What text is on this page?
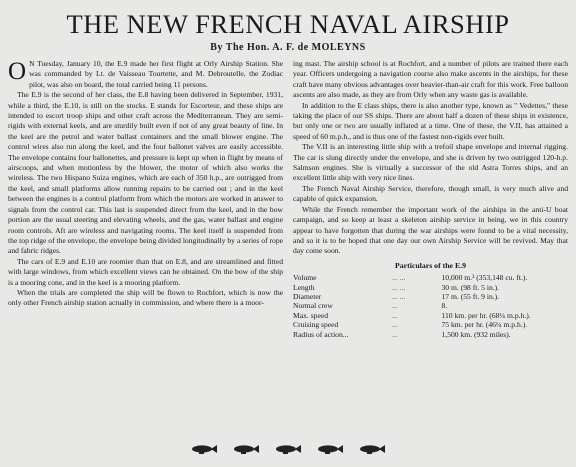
THE NEW FRENCH NAVAL AIRSHIP
By The Hon. A. F. de MOLEYNS

O N Tuesday, January 10, the E.9 made her first flight at Orly Airship Station. She was commanded by Lt. de Vaisseau Tourtette, and M. Debroutelle, the Zodiac pilot, was also on board, the total carried being 11 persons.

The E.9 is the second of her class, the E.8 having been delivered in September, 1931, while a third, the E.10, is still on the stocks. E stands for Escorteur, and these ships are intended to escort troop ships and other craft across the Mediterranean. They are semi-rigids with external keels, and are sturdily built even if not of any great beauty of line. In the keel are the petrol and water ballast containers and the small blower engine. The control wires also run along the keel, and the four ballonet valves are easily accessible. The envelope contains four ballonettes, and pressure is kept up when in flight by means of airscoops, and when motionless by the blower, the motor of which also works the wireless. The two Hispano Suiza engines, which are each of 350 h.p., are outrigged from the keel, and small platforms allow running repairs to be carried out ; and in the keel between the engines is a control platform from which the motors are worked in answer to signals from the control car. This last is suspended direct from the keel, and in the bow portion are the usual steering and elevating wheels, and the gas, water ballast and engine room controls. Aft are wireless and navigating rooms. The keel itself is suspended from the top ridge of the envelope, the envelope being divided longitudinally by a series of rope and fabric ridges.

The cars of E.9 and E.10 are roomier than that on E.8, and are streamlined and fitted with large windows, from which excellent views can be obtained. On the bow of the ship is a mooring cone, and in the keel is a mooring platform.

When the trials are completed the ship will be flown to Rochfort, which is now the only other French airship station actually in commission, and where there is a moor-

ing mast. The airship school is at Rochfort, and a number of pilots are trained there each year. Officers undergoing a navigation course also make ascents in the airships, for these craft have many obvious advantages over heavier-than-air craft for this work. Free balloon ascents are also made, as they are from Orly when any waste gas is available.

In addition to the E class ships, there is also another type, known as " Vedettes," these taking the place of our SS ships. There are about half a dozen of these ships in existence, but only one or two are usually inflated at a time. One of these, the V.II, has attained a speed of 60 m.p.h., and is thus one of the fastest non-rigids ever built.

The V.II is an interesting little ship with a trefoil shape envelope and internal rigging. The car is slung directly under the envelope, and she is driven by two outrigged 120-h.p. Salmson engines. She is virtually a successor of the old Astra Torres ships, and an excellent little ship with very nice lines.

The French Naval Airship Service, therefore, though small, is very much alive and capable of quick expansion.

While the French remember the important work of the airships in the anti-U boat campaign, and so keep at least a skeleton airship service in being, we in this country appear to have forgotten that during the war airships were found to be a vital necessity, and so it is to be hoped that one day our own Airship Service will be revived. May that day come soon.

Particulars of the E.9
Volume	... ...	10,000 m.³ (353,148 cu. ft.).
Length	... ...	30 m. (98 ft. 5 in.).
Diameter	... ...	17 m. (55 ft. 9 in.).
Normal crew	...	8.
Max. speed	...	110 km. per hr. (68¼ m.p.h.).
Cruising speed	...	75 km. per hr. (46¼ m.p.h.).
Radius of action...	...	1,500 km. (932 miles).
